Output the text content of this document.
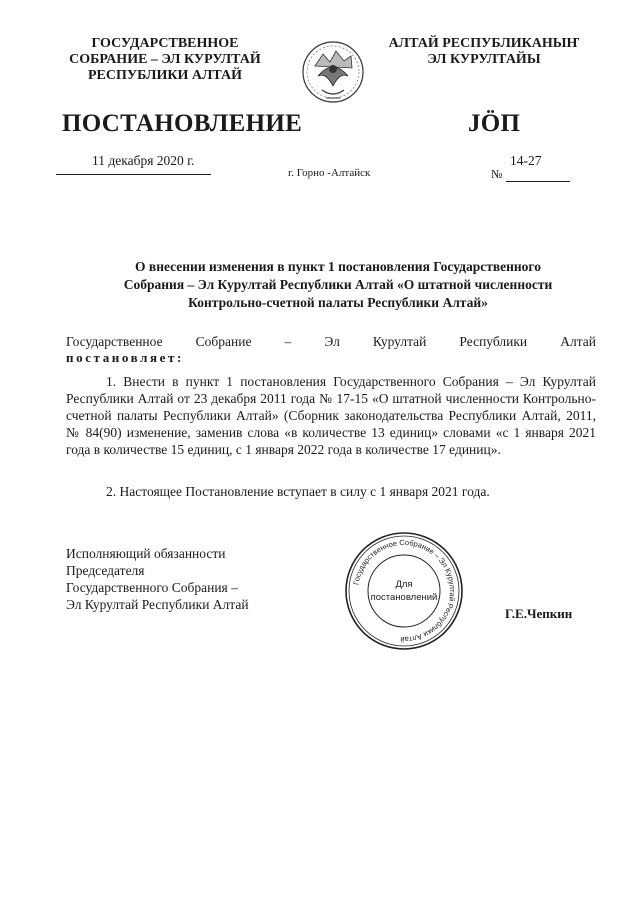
ГОСУДАРСТВЕННОЕ
СОБРАНИЕ – ЭЛ КУРУЛТАЙ
РЕСПУБЛИКИ АЛТАЙ
АЛТАЙ РЕСПУБЛИКАНЫҤ
ЭЛ КУРУЛТАЙЫ
ПОСТАНОВЛЕНИЕ	JÖП
11 декабря 2020 г.
г. Горно -Алтайск
14-27
№
О внесении изменения в пункт 1 постановления Государственного
Собрания – Эл Курултай Республики Алтай «О штатной численности
Контрольно-счетной палаты Республики Алтай»
Государственное Собрание – Эл Курултай Республики Алтай
постановляет:
1. Внести в пункт 1 постановления Государственного Собрания – Эл Курултай Республики Алтай от 23 декабря 2011 года № 17-15 «О штатной численности Контрольно-счетной палаты Республики Алтай» (Сборник законодательства Республики Алтай, 2011, № 84(90) изменение, заменив слова «в количестве 13 единиц» словами «с 1 января 2021 года в количестве 15 единиц, с 1 января 2022 года в количестве 17 единиц».
2. Настоящее Постановление вступает в силу с 1 января 2021 года.
Исполняющий обязанности
Председателя
Государственного Собрания –
Эл Курултай Республики Алтай
Г.Е.Чепкин
Государственное Собрание – Эл Курултай Республики Алтай
Для
постановлений
